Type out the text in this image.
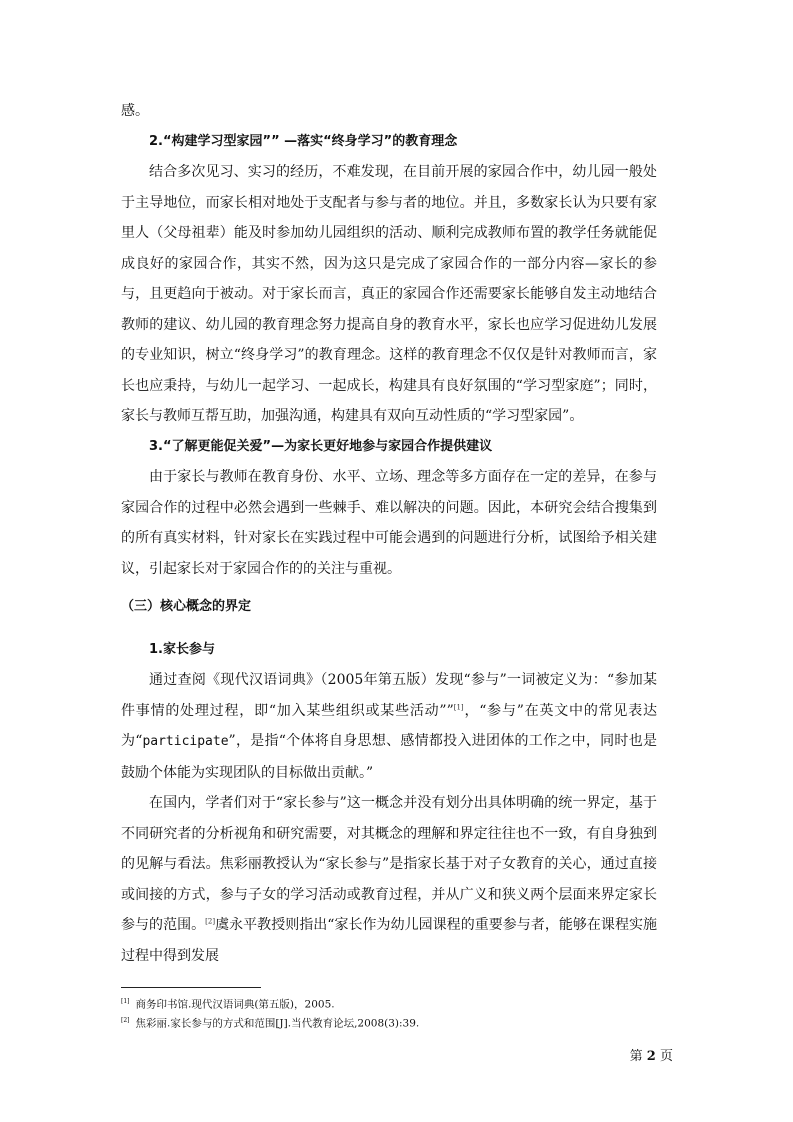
感。

2.“构建学习型家园”” —落实“终身学习”的教育理念

结合多次见习、实习的经历，不难发现，在目前开展的家园合作中，幼儿园一般处于主导地位，而家长相对地处于支配者与参与者的地位。并且，多数家长认为只要有家里人（父母祖辈）能及时参加幼儿园组织的活动、顺利完成教师布置的教学任务就能促成良好的家园合作，其实不然，因为这只是完成了家园合作的一部分内容—家长的参与，且更趋向于被动。对于家长而言，真正的家园合作还需要家长能够自发主动地结合教师的建议、幼儿园的教育理念努力提高自身的教育水平，家长也应学习促进幼儿发展的专业知识，树立“终身学习”的教育理念。这样的教育理念不仅仅是针对教师而言，家长也应秉持，与幼儿一起学习、一起成长，构建具有良好氛围的“学习型家庭”；同时，家长与教师互帮互助，加强沟通，构建具有双向互动性质的“学习型家园”。

3.“了解更能促关爱”—为家长更好地参与家园合作提供建议

由于家长与教师在教育身份、水平、立场、理念等多方面存在一定的差异，在参与家园合作的过程中必然会遇到一些棘手、难以解决的问题。因此，本研究会结合搜集到的所有真实材料，针对家长在实践过程中可能会遇到的问题进行分析，试图给予相关建议，引起家长对于家园合作的的关注与重视。

（三）核心概念的界定

1.家长参与

通过查阅《现代汉语词典》（2005年第五版）发现“参与”一词被定义为：“参加某件事情的处理过程，即“加入某些组织或某些活动””[1]，“参与”在英文中的常见表达为“participate”，是指“个体将自身思想、感情都投入进团体的工作之中，同时也是鼓励个体能为实现团队的目标做出贡献。”

在国内，学者们对于“家长参与”这一概念并没有划分出具体明确的统一界定，基于不同研究者的分析视角和研究需要，对其概念的理解和界定往往也不一致，有自身独到的见解与看法。焦彩丽教授认为“家长参与”是指家长基于对子女教育的关心，通过直接或间接的方式，参与子女的学习活动或教育过程，并从广义和狭义两个层面来界定家长参与的范围。[2]虞永平教授则指出“家长作为幼儿园课程的重要参与者，能够在课程实施过程中得到发展

[1] 商务印书馆.现代汉语词典(第五版)，2005.

[2] 焦彩丽.家长参与的方式和范围[J].当代教育论坛,2008(3):39.

第 2 页
